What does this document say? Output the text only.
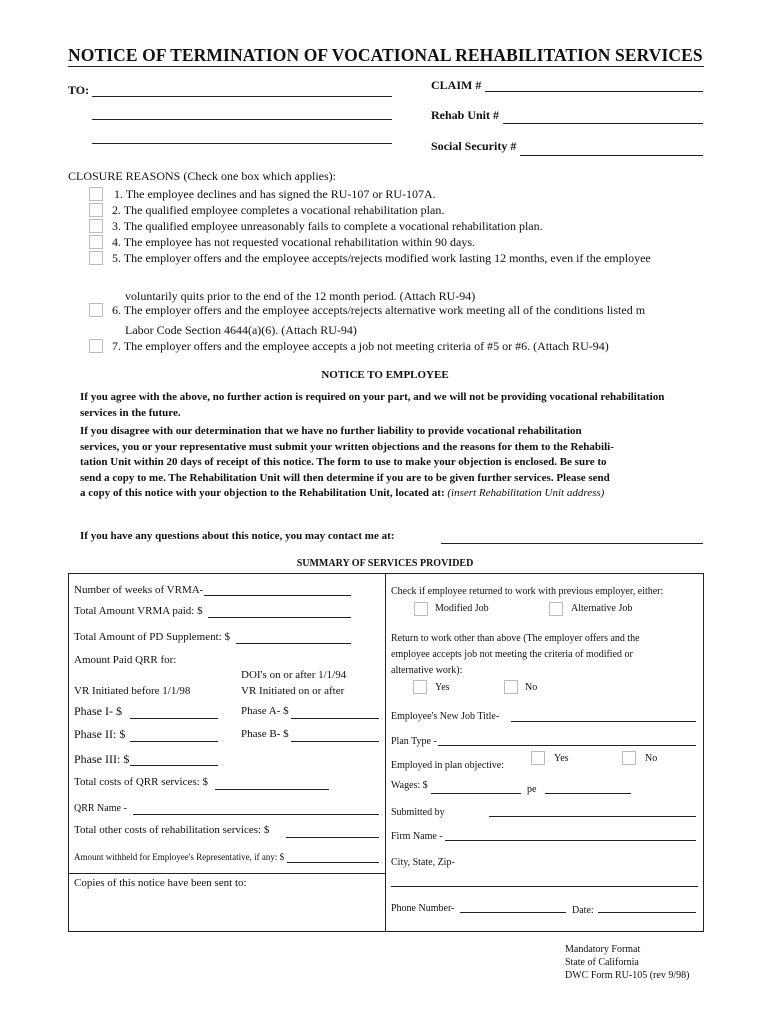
NOTICE OF TERMINATION OF VOCATIONAL REHABILITATION SERVICES
TO:	CLAIM #
Rehab Unit #
Social Security #
CLOSURE REASONS (Check one box which applies):
1. The employee declines and has signed the RU-107 or RU-107A.
2. The qualified employee completes a vocational rehabilitation plan.
3. The qualified employee unreasonably fails to complete a vocational rehabilitation plan.
4. The employee has not requested vocational rehabilitation within 90 days.
5. The employer offers and the employee accepts/rejects modified work lasting 12 months, even if the employee
voluntarily quits prior to the end of the 12 month period. (Attach RU-94)
6. The employer offers and the employee accepts/rejects alternative work meeting all of the conditions listed m
Labor Code Section 4644(a)(6). (Attach RU-94)
7. The employer offers and the employee accepts a job not meeting criteria of #5 or #6. (Attach RU-94)
NOTICE TO EMPLOYEE
If you agree with the above, no further action is required on your part, and we will not be providing vocational rehabilitation services in the future.
If you disagree with our determination that we have no further liability to provide vocational rehabilitation
services, you or your representative must submit your written objections and the reasons for them to the Rehabili-
tation Unit within 20 days of receipt of this notice. The form to use to make your objection is enclosed. Be sure to
send a copy to me. The Rehabilitation Unit will then determine if you are to be given further services. Please send
a copy of this notice with your objection to the Rehabilitation Unit, located at: (insert Rehabilitation Unit address)
If you have any questions about this notice, you may contact me at:
SUMMARY OF SERVICES PROVIDED
Number of weeks of VRMA-
Total Amount VRMA paid: $
Total Amount of PD Supplement: $
Amount Paid QRR for:
DOI's on or after 1/1/94
VR Initiated before 1/1/98	VR Initiated on or after
Phase I- $	Phase A- $
Phase II: $	Phase B- $
Phase III: $
Total costs of QRR services: $
QRR Name -
Total other costs of rehabilitation services: $
Amount withheld for Employee's Representative, if any: $
Copies of this notice have been sent to:
Check if employee returned to work with previous employer, either:
Modified Job	Alternative Job
Return to work other than above (The employer offers and the
employee accepts job not meeting the criteria of modified or
alternative work):
Yes	No
Employee's New Job Title-
Plan Type -
Yes	No
Employed in plan objective:
Wages: $	pe
Submitted by
Firm Name -
City, State, Zip-
Phone Number-	Date:
Mandatory Format
State of California
DWC Form RU-105 (rev 9/98)
